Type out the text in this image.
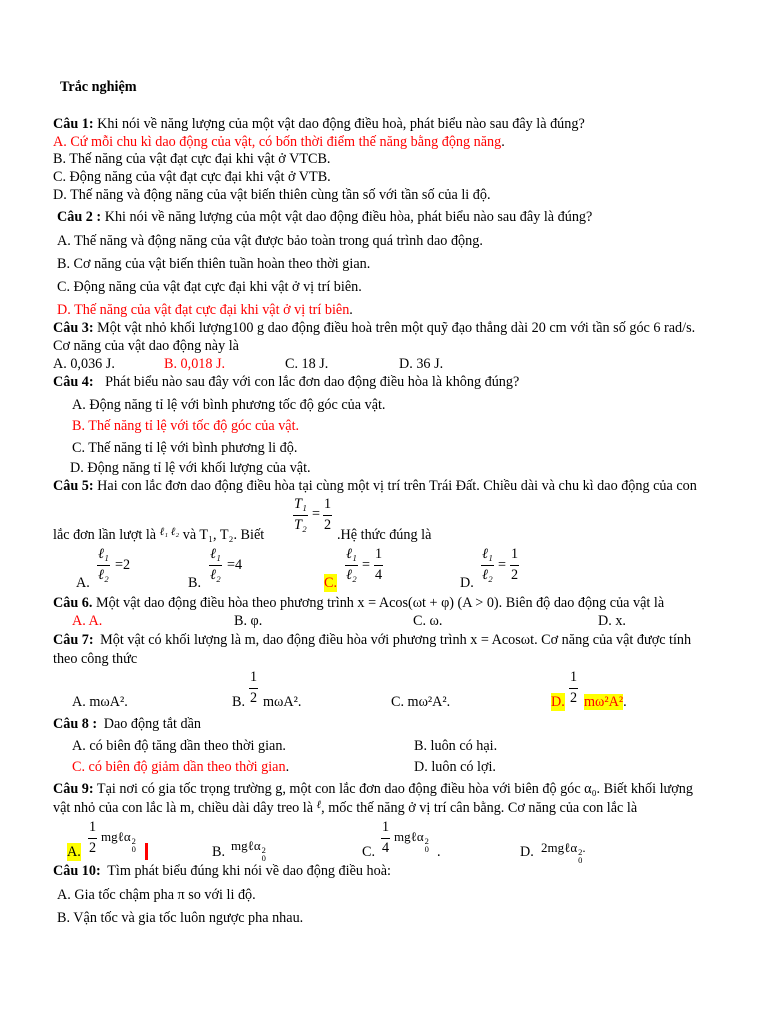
Trắc nghiệm
Câu 1: Khi nói về năng lượng của một vật dao động điều hoà, phát biểu nào sau đây là đúng?
A. Cứ mỗi chu kì dao động của vật, có bốn thời điểm thế năng bằng động năng.
B. Thế năng của vật đạt cực đại khi vật ở VTCB.
C. Động năng của vật đạt cực đại khi vật ở VTB.
D. Thế năng và động năng của vật biến thiên cùng tần số với tần số của li độ.
Câu 2 : Khi nói về năng lượng của một vật dao động điều hòa, phát biểu nào sau đây là đúng?
A. Thế năng và động năng của vật được bảo toàn trong quá trình dao động.
B. Cơ năng của vật biến thiên tuần hoàn theo thời gian.
C. Động năng của vật đạt cực đại khi vật ở vị trí biên.
D. Thế năng của vật đạt cực đại khi vật ở vị trí biên.
Câu 3: Một vật nhỏ khối lượng100 g dao động điều hoà trên một quỹ đạo thẳng dài 20 cm với tần số góc 6 rad/s.
Cơ năng của vật dao động này là
A. 0,036 J.	B. 0,018 J.	C. 18 J.	D. 36 J.
Câu 4: Phát biểu nào sau đây với con lắc đơn dao động điều hòa là không đúng?
A. Động năng tỉ lệ với bình phương tốc độ góc của vật.
B. Thế năng tỉ lệ với tốc độ góc của vật.
C. Thế năng tỉ lệ với bình phương li độ.
D. Động năng tỉ lệ với khối lượng của vật.
Câu 5: Hai con lắc đơn dao động điều hòa tại cùng một vị trí trên Trái Đất. Chiều dài và chu kì dao động của con
lắc đơn lần lượt là $^{\ell_1 \ell_2}$ và T₁, T₂. Biết
T₁
T₂
=
1
2
.Hệ thức đúng là
A.
ℓ₁
ℓ₂
=2
B.
ℓ₁
ℓ₂
=4
C.
ℓ₁
ℓ₂
=
1
4	D.
ℓ₁
ℓ₂
=
1
2
Câu 6. Một vật dao động điều hòa theo phương trình x = Acos(ωt + φ) (A > 0). Biên độ dao động của vật là
A. A.	B. φ.	C. ω.	D. x.
Câu 7: Một vật có khối lượng là m, dao động điều hòa với phương trình x = Acosωt. Cơ năng của vật được tính
theo công thức
A. mωA².	B.
1
2 mωA².	C. mω²A².	D.
1
2 mω²A².
Câu 8 : Dao động tắt dần
A. có biên độ tăng dần theo thời gian.	B. luôn có hại.
C. có biên độ giảm dần theo thời gian.	D. luôn có lợi.
Câu 9: Tại nơi có gia tốc trọng trường g, một con lắc đơn dao động điều hòa với biên độ góc α₀. Biết khối lượng
vật nhỏ của con lắc là m, chiều dài dây treo là $^\ell$, mốc thế năng ở vị trí cân bằng. Cơ năng của con lắc là
A.
1
2
mgℓα 2
0	B. mgℓα 2
0	C.
1
4
mgℓα 2
0 .	D. 2mgℓα 2
0
.
Câu 10: Tìm phát biểu đúng khi nói về dao động điều hoà:
A. Gia tốc chậm pha π so với li độ.
B. Vận tốc và gia tốc luôn ngược pha nhau.
